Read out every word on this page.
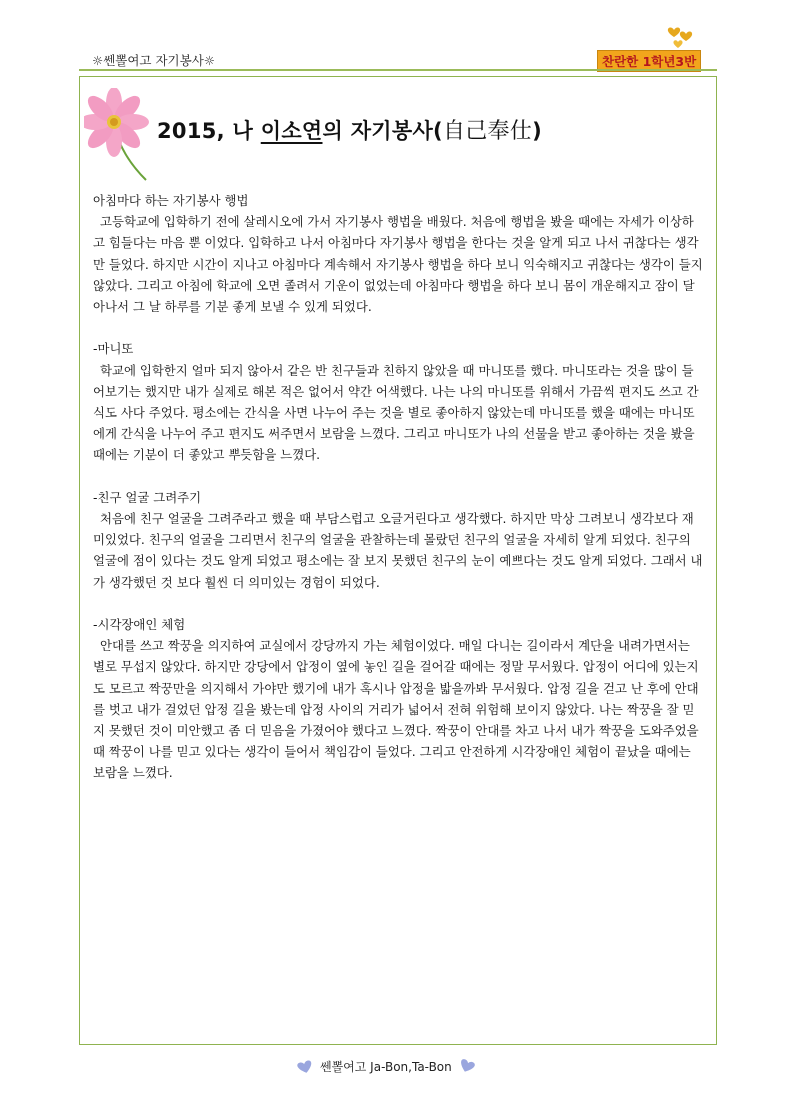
☼쎈뽈여고 자기봉사☼	찬란한 1학년3반
2015, 나 이소연의 자기봉사(自己奉仕)

아침마다 하는 자기봉사 행법

고등학교에 입학하기 전에 살레시오에 가서 자기봉사 행법을 배웠다. 처음에 행법을 봤을 때에는 자세가 이상하고 힘들다는 마음 뿐 이었다. 입학하고 나서 아침마다 자기봉사 행법을 한다는 것을 알게 되고 나서 귀찮다는 생각만 들었다. 하지만 시간이 지나고 아침마다 계속해서 자기봉사 행법을 하다 보니 익숙해지고 귀찮다는 생각이 들지 않았다. 그리고 아침에 학교에 오면 졸려서 기운이 없었는데 아침마다 행법을 하다 보니 몸이 개운해지고 잠이 달아나서 그 날 하루를 기분 좋게 보낼 수 있게 되었다.

-마니또

학교에 입학한지 얼마 되지 않아서 같은 반 친구들과 친하지 않았을 때 마니또를 했다. 마니또라는 것을 많이 들어보기는 했지만 내가 실제로 해본 적은 없어서 약간 어색했다. 나는 나의 마니또를 위해서 가끔씩 편지도 쓰고 간식도 사다 주었다. 평소에는 간식을 사면 나누어 주는 것을 별로 좋아하지 않았는데 마니또를 했을 때에는 마니또에게 간식을 나누어 주고 편지도 써주면서 보람을 느꼈다. 그리고 마니또가 나의 선물을 받고 좋아하는 것을 봤을 때에는 기분이 더 좋았고 뿌듯함을 느꼈다.

-친구 얼굴 그려주기

처음에 친구 얼굴을 그려주라고 했을 때 부담스럽고 오글거린다고 생각했다. 하지만 막상 그려보니 생각보다 재미있었다. 친구의 얼굴을 그리면서 친구의 얼굴을 관찰하는데 몰랐던 친구의 얼굴을 자세히 알게 되었다. 친구의 얼굴에 점이 있다는 것도 알게 되었고 평소에는 잘 보지 못했던 친구의 눈이 예쁘다는 것도 알게 되었다. 그래서 내가 생각했던 것 보다 훨씬 더 의미있는 경험이 되었다.

-시각장애인 체험

안대를 쓰고 짝꿍을 의지하여 교실에서 강당까지 가는 체험이었다. 매일 다니는 길이라서 계단을 내려가면서는 별로 무섭지 않았다. 하지만 강당에서 압정이 옆에 놓인 길을 걸어갈 때에는 정말 무서웠다. 압정이 어디에 있는지도 모르고 짝꿍만을 의지해서 가야만 했기에 내가 혹시나 압정을 밟을까봐 무서웠다. 압정 길을 걷고 난 후에 안대를 벗고 내가 걸었던 압정 길을 봤는데 압정 사이의 거리가 넓어서 전혀 위험해 보이지 않았다. 나는 짝꿍을 잘 믿지 못했던 것이 미안했고 좀 더 믿음을 가졌어야 했다고 느꼈다. 짝꿍이 안대를 차고 나서 내가 짝꿍을 도와주었을 때 짝꿍이 나를 믿고 있다는 생각이 들어서 책임감이 들었다. 그리고 안전하게 시각장애인 체험이 끝났을 때에는 보람을 느꼈다.

쎈뽈여고 Ja-Bon,Ta-Bon
